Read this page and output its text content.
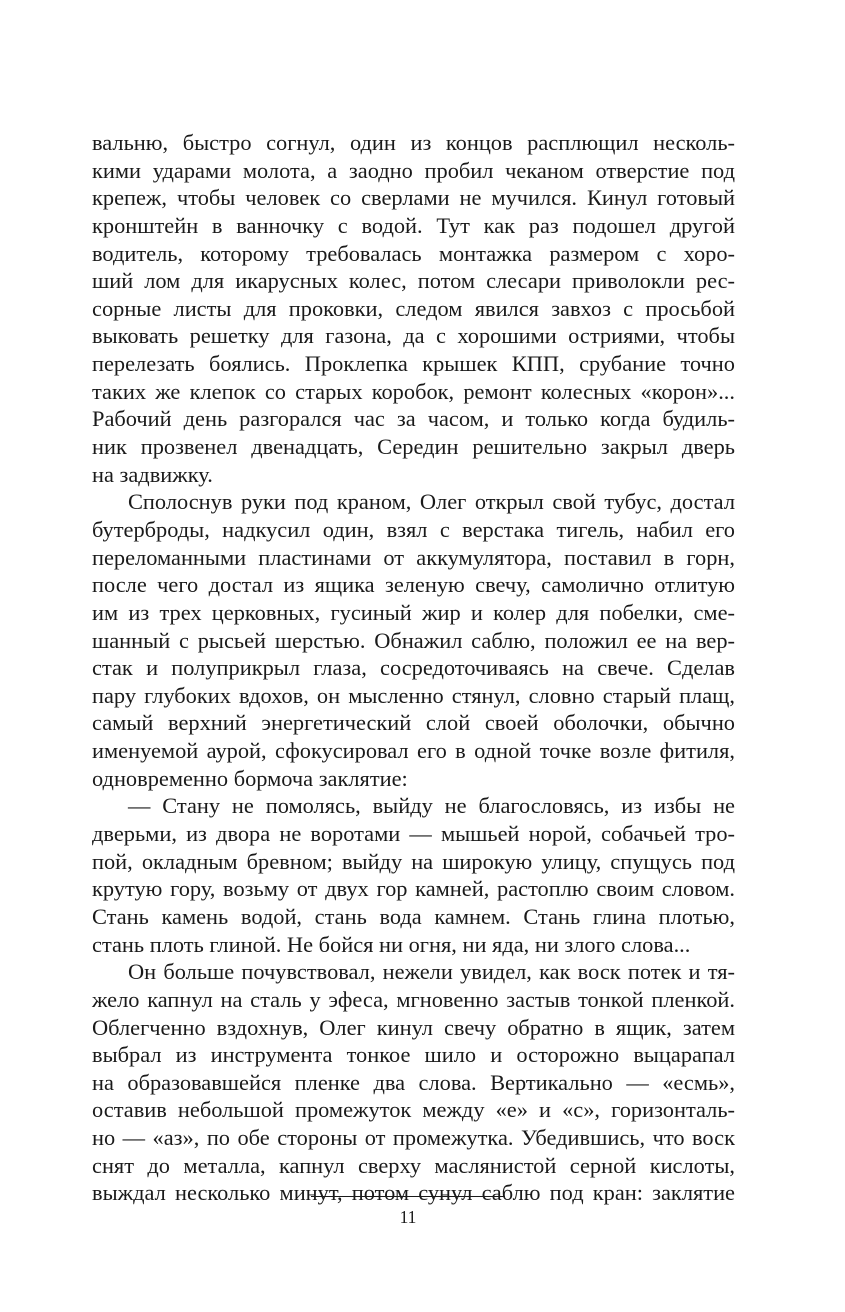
вальню, быстро согнул, один из концов расплющил несколь-
кими ударами молота, а заодно пробил чеканом отверстие под
крепеж, чтобы человек со сверлами не мучился. Кинул готовый
кронштейн в ванночку с водой. Тут как раз подошел другой
водитель, которому требовалась монтажка размером с хоро-
ший лом для икарусных колес, потом слесари приволокли рес-
сорные листы для проковки, следом явился завхоз с просьбой
выковать решетку для газона, да с хорошими остриями, чтобы
перелезать боялись. Проклепка крышек КПП, срубание точно
таких же клепок со старых коробок, ремонт колесных «корон»...
Рабочий день разгорался час за часом, и только когда будиль-
ник прозвенел двенадцать, Середин решительно закрыл дверь
на задвижку.
Сполоснув руки под краном, Олег открыл свой тубус, достал
бутерброды, надкусил один, взял с верстака тигель, набил его
переломанными пластинами от аккумулятора, поставил в горн,
после чего достал из ящика зеленую свечу, самолично отлитую
им из трех церковных, гусиный жир и колер для побелки, сме-
шанный с рысьей шерстью. Обнажил саблю, положил ее на вер-
стак и полуприкрыл глаза, сосредоточиваясь на свече. Сделав
пару глубоких вдохов, он мысленно стянул, словно старый плащ,
самый верхний энергетический слой своей оболочки, обычно
именуемой аурой, сфокусировал его в одной точке возле фитиля,
одновременно бормоча заклятие:
— Стану не помолясь, выйду не благословясь, из избы не
дверьми, из двора не воротами — мышьей норой, собачьей тро-
пой, окладным бревном; выйду на широкую улицу, спущусь под
крутую гору, возьму от двух гор камней, растоплю своим словом.
Стань камень водой, стань вода камнем. Стань глина плотью,
стань плоть глиной. Не бойся ни огня, ни яда, ни злого слова...
Он больше почувствовал, нежели увидел, как воск потек и тя-
жело капнул на сталь у эфеса, мгновенно застыв тонкой пленкой.
Облегченно вздохнув, Олег кинул свечу обратно в ящик, затем
выбрал из инструмента тонкое шило и осторожно выцарапал
на образовавшейся пленке два слова. Вертикально — «есмь»,
оставив небольшой промежуток между «е» и «с», горизонталь-
но — «аз», по обе стороны от промежутка. Убедившись, что воск
снят до металла, капнул сверху маслянистой серной кислоты,
выждал несколько минут, потом сунул саблю под кран: заклятие
11
